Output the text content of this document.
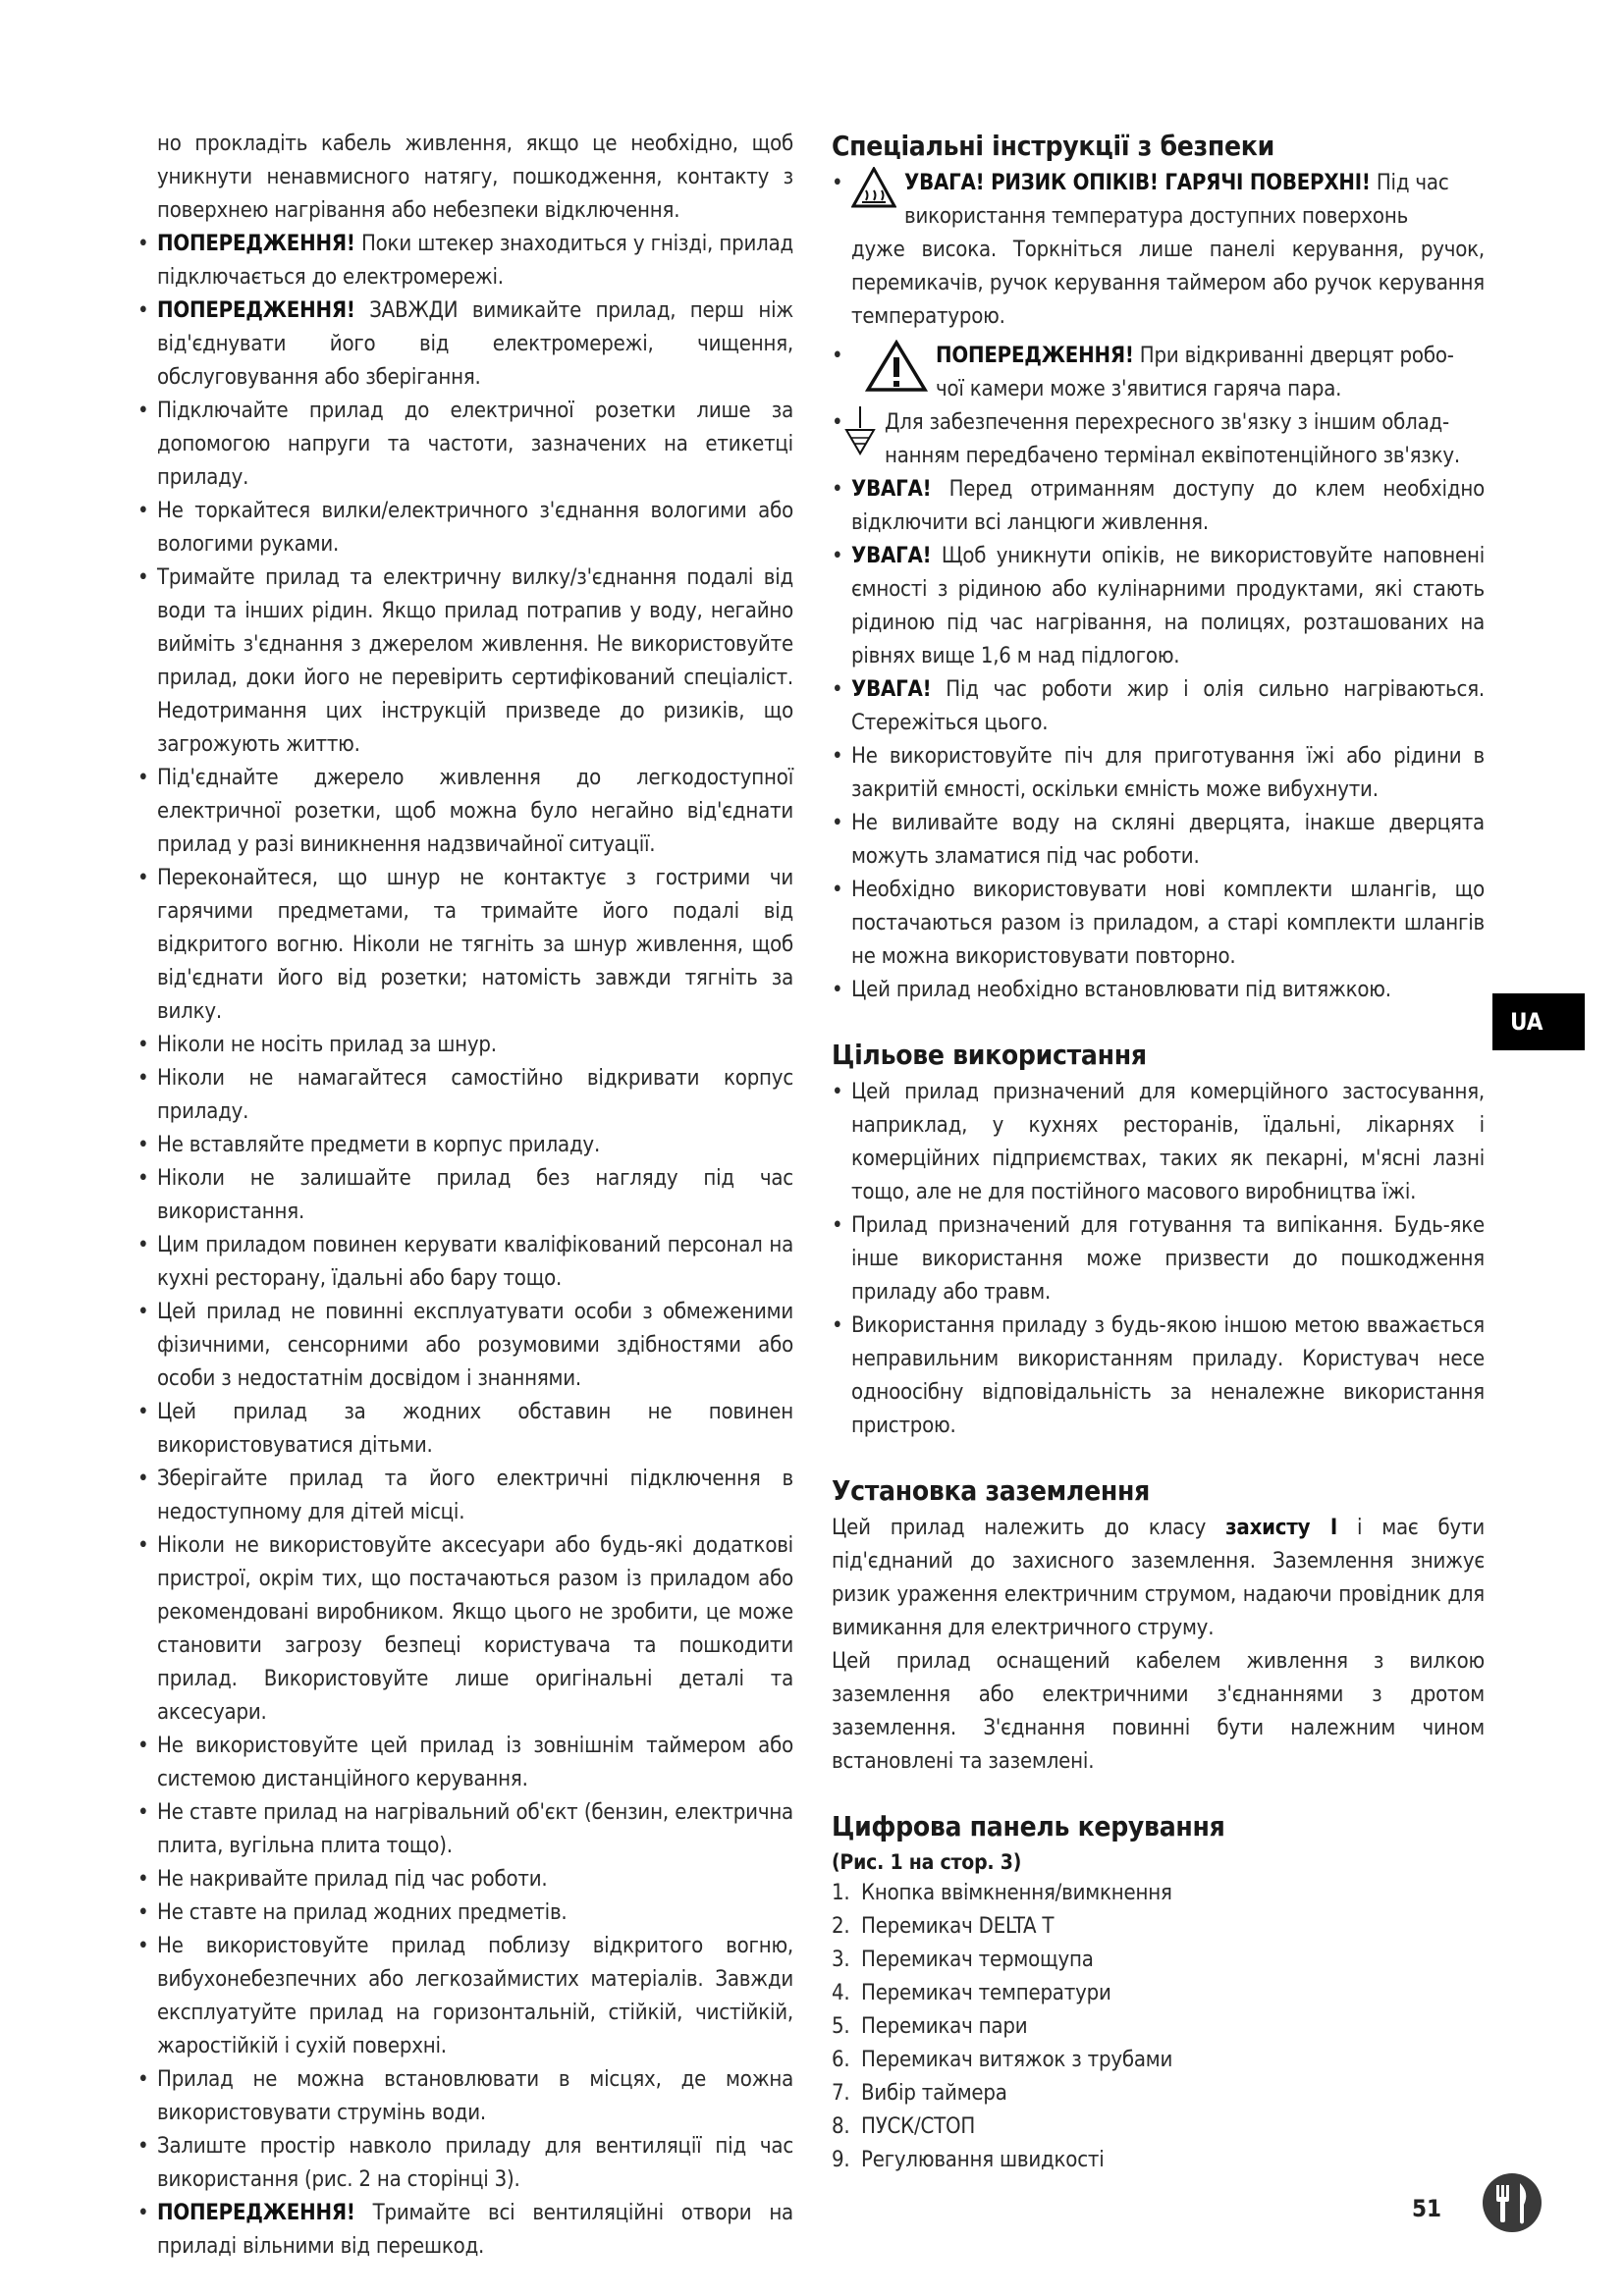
но прокладіть кабель живлення, якщо це необхідно, щоб уникнути ненавмисного натягу, пошкодження, контакту з поверхнею нагрівання або небезпеки відключення.

• ПОПЕРЕДЖЕННЯ! Поки штекер знаходиться у гнізді, прилад підключається до електромережі.
• ПОПЕРЕДЖЕННЯ! ЗАВЖДИ вимикайте прилад, перш ніж від'єднувати його від електромережі, чищення, обслуговування або зберігання.
• Підключайте прилад до електричної розетки лише за допомогою напруги та частоти, зазначених на етикетці приладу.
• Не торкайтеся вилки/електричного з'єднання вологими або вологими руками.
• Тримайте прилад та електричну вилку/з'єднання подалі від води та інших рідин. Якщо прилад потрапив у воду, негайно вийміть з'єднання з джерелом живлення. Не використовуйте прилад, доки його не перевірить сертифікований спеціаліст. Недотримання цих інструкцій призведе до ризиків, що загрожують життю.
• Під'єднайте джерело живлення до легкодоступної електричної розетки, щоб можна було негайно від'єднати прилад у разі виникнення надзвичайної ситуації.
• Переконайтеся, що шнур не контактує з гострими чи гарячими предметами, та тримайте його подалі від відкритого вогню. Ніколи не тягніть за шнур живлення, щоб від'єднати його від розетки; натомість завжди тягніть за вилку.
• Ніколи не носіть прилад за шнур.
• Ніколи не намагайтеся самостійно відкривати корпус приладу.
• Не вставляйте предмети в корпус приладу.
• Ніколи не залишайте прилад без нагляду під час використання.
• Цим приладом повинен керувати кваліфікований персонал на кухні ресторану, їдальні або бару тощо.
• Цей прилад не повинні експлуатувати особи з обмеженими фізичними, сенсорними або розумовими здібностями або особи з недостатнім досвідом і знаннями.
• Цей прилад за жодних обставин не повинен використовуватися дітьми.
• Зберігайте прилад та його електричні підключення в недоступному для дітей місці.
• Ніколи не використовуйте аксесуари або будь-які додаткові пристрої, окрім тих, що постачаються разом із приладом або рекомендовані виробником. Якщо цього не зробити, це може становити загрозу безпеці користувача та пошкодити прилад. Використовуйте лише оригінальні деталі та аксесуари.
• Не використовуйте цей прилад із зовнішнім таймером або системою дистанційного керування.
• Не ставте прилад на нагрівальний об'єкт (бензин, електрична плита, вугільна плита тощо).
• Не накривайте прилад під час роботи.
• Не ставте на прилад жодних предметів.
• Не використовуйте прилад поблизу відкритого вогню, вибухонебезпечних або легкозаймистих матеріалів. Завжди експлуатуйте прилад на горизонтальній, стійкій, чистійкій, жаростійкій і сухій поверхні.
• Прилад не можна встановлювати в місцях, де можна використовувати струмінь води.
• Залиште простір навколо приладу для вентиляції під час використання (рис. 2 на сторінці 3).
• ПОПЕРЕДЖЕННЯ! Тримайте всі вентиляційні отвори на приладі вільними від перешкод.
Спеціальні інструкції з безпеки
•	УВАГА! РИЗИК ОПІКІВ! ГАРЯЧІ ПОВЕРХНІ! Під час
використання температура доступних поверхонь
дуже висока. Торкніться лише панелі керування, ручок, перемикачів, ручок керування таймером або ручок керування температурою.
•	ПОПЕРЕДЖЕННЯ! При відкриванні дверцят робо-
чої камери може з'явитися гаряча пара.
•	Для забезпечення перехресного зв'язку з іншим облад-
нанням передбачено термінал еквіпотенційного зв'язку.
• УВАГА! Перед отриманням доступу до клем необхідно відключити всі ланцюги живлення.
• УВАГА! Щоб уникнути опіків, не використовуйте наповнені ємності з рідиною або кулінарними продуктами, які стають рідиною під час нагрівання, на полицях, розташованих на рівнях вище 1,6 м над підлогою.
• УВАГА! Під час роботи жир і олія сильно нагріваються. Стережіться цього.
• Не використовуйте піч для приготування їжі або рідини в закритій ємності, оскільки ємність може вибухнути.
• Не виливайте воду на скляні дверцята, інакше дверцята можуть зламатися під час роботи.
• Необхідно використовувати нові комплекти шлангів, що постачаються разом із приладом, а старі комплекти шлангів не можна використовувати повторно.
• Цей прилад необхідно встановлювати під витяжкою.
Цільове використання
• Цей прилад призначений для комерційного застосування, наприклад, у кухнях ресторанів, їдальні, лікарнях і комерційних підприємствах, таких як пекарні, м'ясні лазні тощо, але не для постійного масового виробництва їжі.
• Прилад призначений для готування та випікання. Будь-яке інше використання може призвести до пошкодження приладу або травм.
• Використання приладу з будь-якою іншою метою вважається неправильним використанням приладу. Користувач несе одноосібну відповідальність за неналежне використання пристрою.
Установка заземлення

Цей прилад належить до класу захисту I і має бути під'єднаний до захисного заземлення. Заземлення знижує ризик ураження електричним струмом, надаючи провідник для вимикання для електричного струму.

Цей прилад оснащений кабелем живлення з вилкою заземлення або електричними з'єднаннями з дротом заземлення. З'єднання повинні бути належним чином встановлені та заземлені.

Цифрова панель керування
(Рис. 1 на стор. 3)
1. Кнопка ввімкнення/вимкнення
2. Перемикач DELTA T
3. Перемикач термощупа
4. Перемикач температури
5. Перемикач пари
6. Перемикач витяжок з трубами
7. Вибір таймера
8. ПУСК/СТОП
9. Регулювання швидкості
UA
51
